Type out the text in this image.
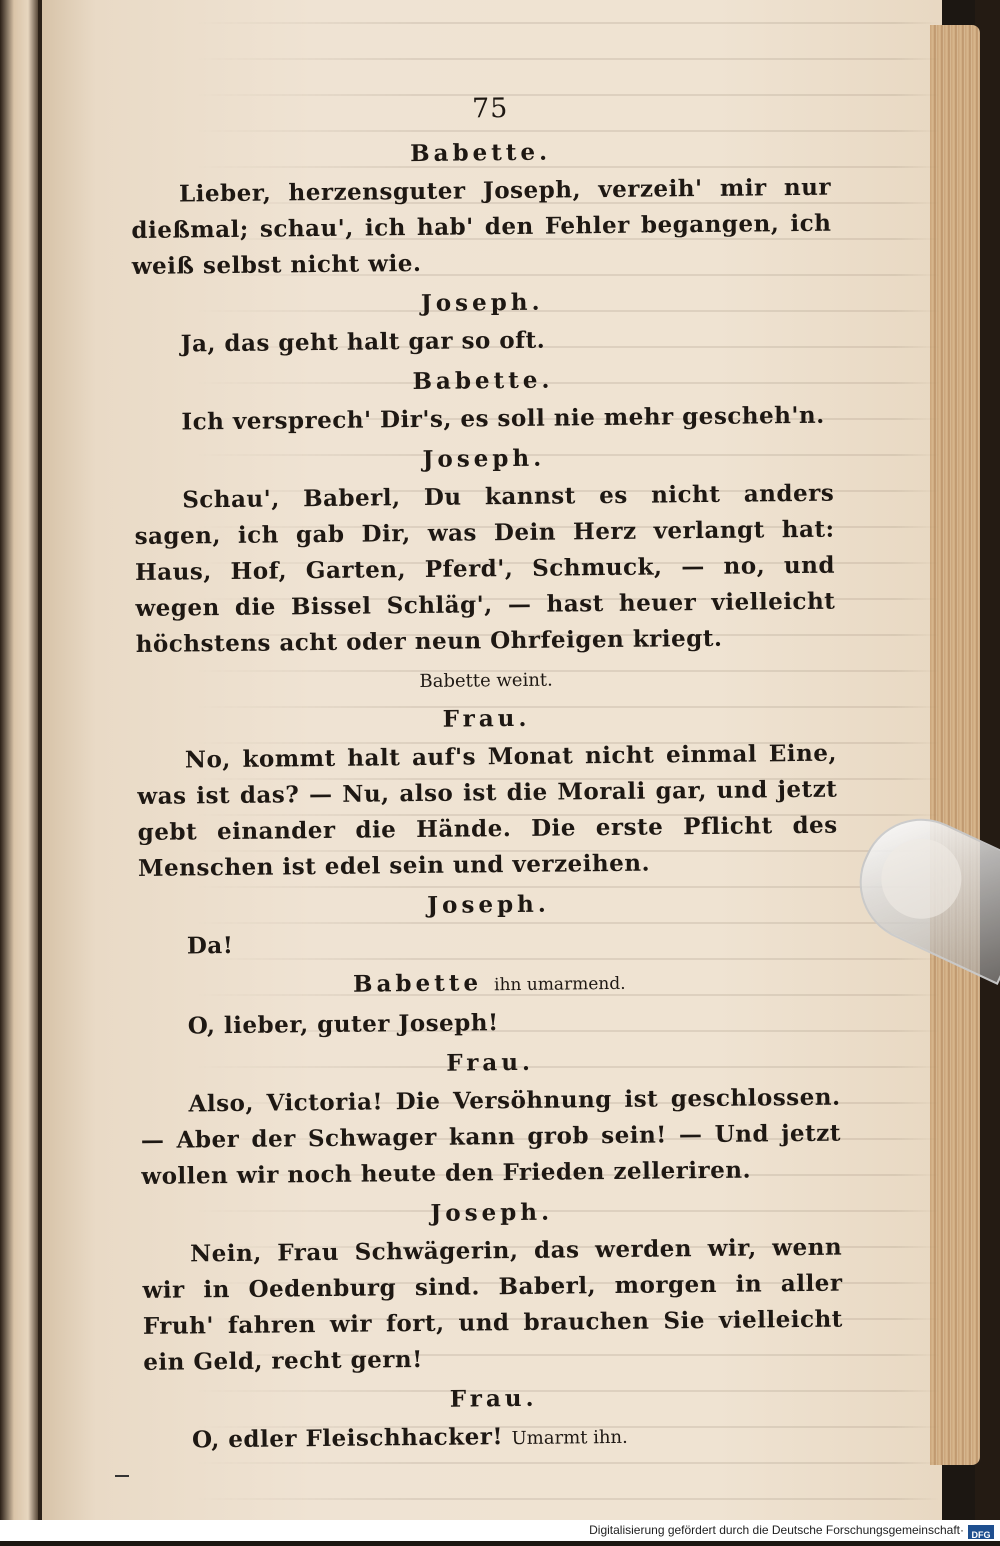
75
Babette.

Lieber, herzensguter Joseph, verzeih' mir nur dießmal; schau', ich hab' den Fehler begangen, ich weiß selbst nicht wie.

Joseph.

Ja, das geht halt gar so oft.

Babette.

Ich versprech' Dir's, es soll nie mehr gescheh'n.

Joseph.

Schau', Baberl, Du kannst es nicht anders sagen, ich gab Dir, was Dein Herz verlangt hat: Haus, Hof, Garten, Pferd', Schmuck, — no, und wegen die Bissel Schläg', — hast heuer vielleicht höchstens acht oder neun Ohrfeigen kriegt.

Babette weint.
Frau.

No, kommt halt auf's Monat nicht einmal Eine, was ist das? — Nu, also ist die Morali gar, und jetzt gebt einander die Hände. Die erste Pflicht des Menschen ist edel sein und verzeihen.

Joseph.

Da!

Babette ihn umarmend.

O, lieber, guter Joseph!

Frau.

Also, Victoria! Die Versöhnung ist geschlossen. — Aber der Schwager kann grob sein! — Und jetzt wollen wir noch heute den Frieden zelleriren.

Joseph.

Nein, Frau Schwägerin, das werden wir, wenn wir in Oedenburg sind. Baberl, morgen in aller Fruh' fahren wir fort, und brauchen Sie vielleicht ein Geld, recht gern!

Frau.

O, edler Fleischhacker! Umarmt ihn.

Digitalisierung gefördert durch die Deutsche Forschungsgemeinschaft·DFG
